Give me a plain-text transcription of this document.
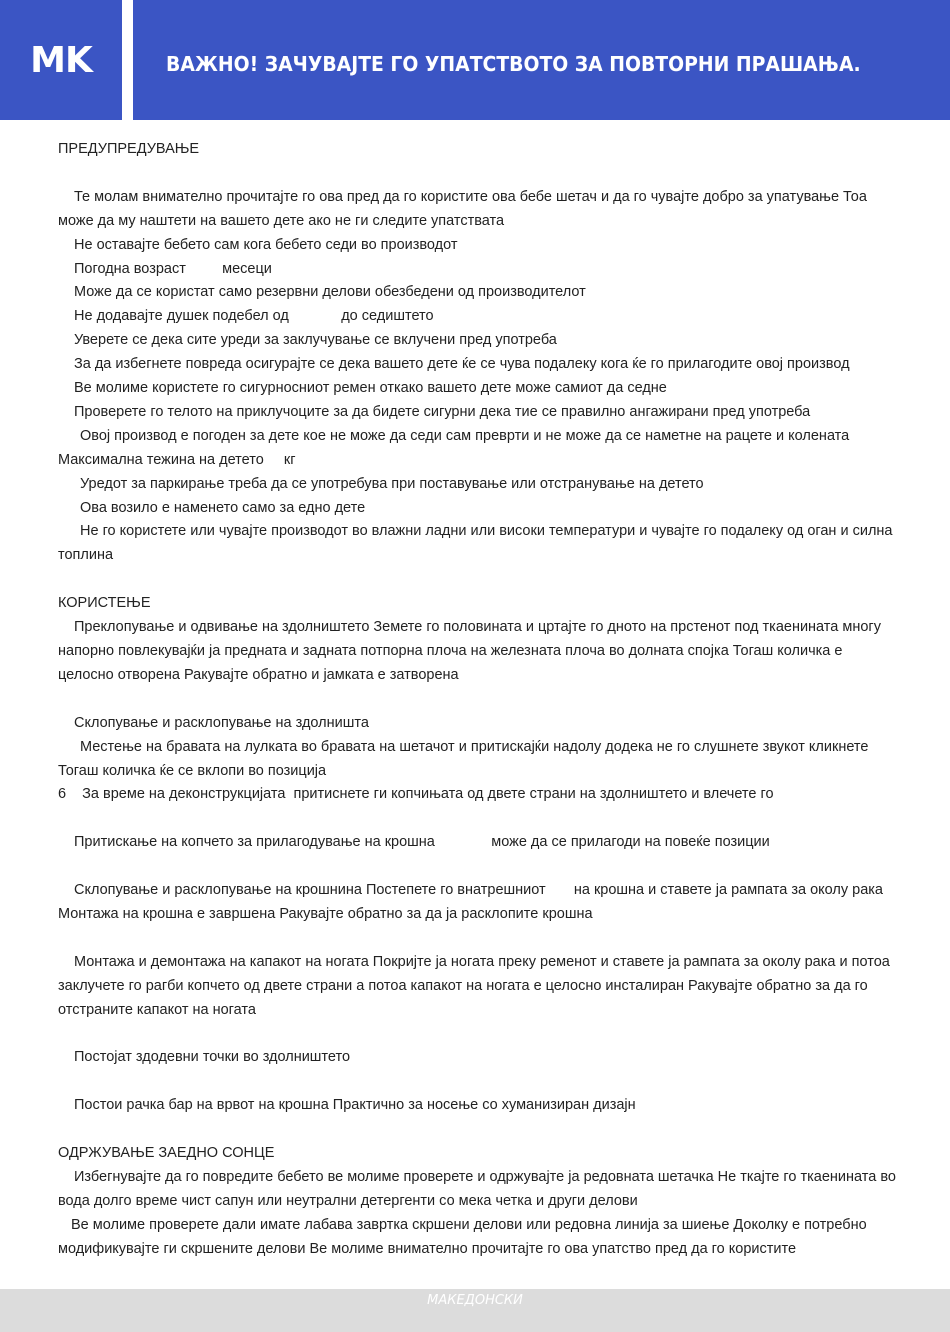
MK	ВАЖНО! ЗАЧУВАЈТЕ ГО УПАТСТВОТО ЗА ПОВТОРНИ ПРАШАЊА.
ПРЕДУПРЕДУВАЊЕ
Те молам внимателно прочитајте го ова пред да го користите ова бебе шетач и да го чувајте добро за упатување Тоа
може да му наштети на вашето дете ако не ги следите упатствата
Не оставајте бебето сам кога бебето седи во производот
Погодна возраст         месеци
Може да се користат само резервни делови обезбедени од производителот
Не додавајте душек подебел од             до седиштето
Уверете се дека сите уреди за заклучување се вклучени пред употреба
За да избегнете повреда осигурајте се дека вашето дете ќе се чува подалеку кога ќе го прилагодите овој производ
Ве молиме користете го сигурносниот ремен откако вашето дете може самиот да седне
Проверете го телото на приклучоците за да бидете сигурни дека тие се правилно ангажирани пред употреба
Овој производ е погоден за дете кое не може да седи сам преврти и не може да се наметне на рацете и колената
Максимална тежина на детето     кг
Уредот за паркирање треба да се употребува при поставување или отстранување на детето
Ова возило е наменето само за едно дете
Не го користете или чувајте производот во влажни ладни или високи температури и чувајте го подалеку од оган и силна
топлина
КОРИСТЕЊЕ
Преклопување и одвивање на здолништето Земете го половината и цртајте го дното на прстенот под ткаенината многу
напорно повлекувајќи ја предната и задната потпорна плоча на железната плоча во долната спојка Тогаш количка е
целосно отворена Ракувајте обратно и јамката е затворена
Склопување и расклопување на здолништа
Местење на бравата на лулката во бравата на шетачот и притискајќи надолу додека не го слушнете звукот кликнете
Тогаш количка ќе се вклопи во позиција
6    За време на деконструкцијата  притиснете ги копчињата од двете страни на здолништето и влечете го
Притискање на копчето за прилагодување на крошна              може да се прилагоди на повеќе позиции
Склопување и расклопување на крошнина Постепете го внатрешниот       на крошна и ставете ја рампата за околу рака
Монтажа на крошна е завршена Ракувајте обратно за да ја расклопите крошна
Монтажа и демонтажа на капакот на ногата Покријте ја ногата преку ременот и ставете ја рампата за околу рака и потоа
заклучете го рагби копчето од двете страни а потоа капакот на ногата е целосно инсталиран Ракувајте обратно за да го
отстраните капакот на ногата
Постојат здодевни точки во здолништето
Постои рачка бар на врвот на крошна Практично за носење со хуманизиран дизајн
ОДРЖУВАЊЕ ЗАЕДНО СОНЦЕ
Избегнувајте да го повредите бебето ве молиме проверете и одржувајте ја редовната шетачка Не ткајте го ткаенината во
вода долго време чист сапун или неутрални детергенти со мека четка и други делови
Ве молиме проверете дали имате лабава завртка скршени делови или редовна линија за шиење Доколку е потребно
модификувајте ги скршените делови Ве молиме внимателно прочитајте го ова упатство пред да го користите
МАКЕДОНСКИ
